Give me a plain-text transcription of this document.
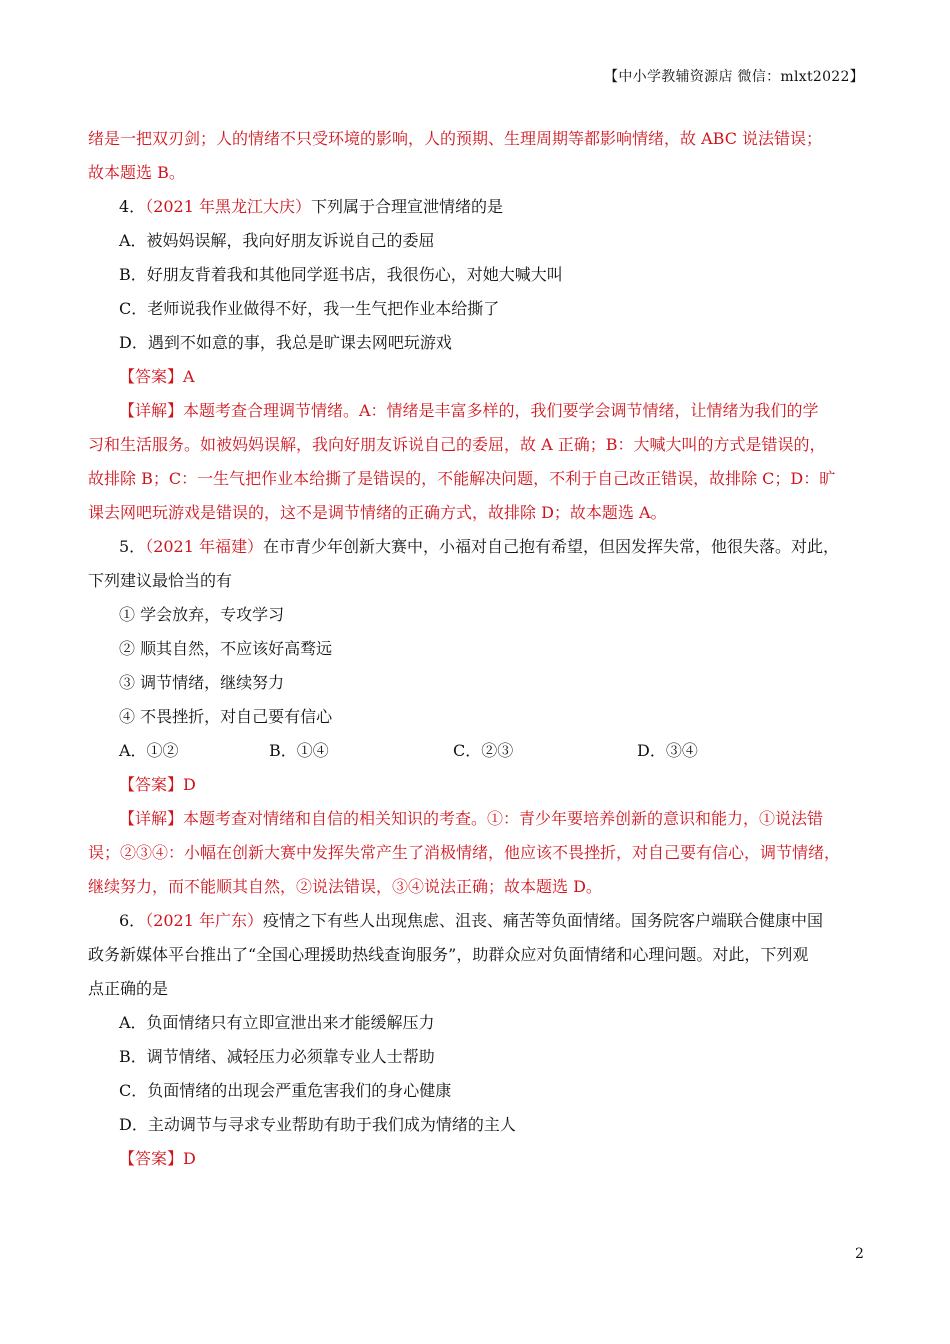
【中小学教辅资源店 微信：mlxt2022】

绪是一把双刃剑；人的情绪不只受环境的影响，人的预期、生理周期等都影响情绪，故 ABC 说法错误；

故本题选 B。

4．（2021 年黑龙江大庆）下列属于合理宣泄情绪的是

A．被妈妈误解，我向好朋友诉说自己的委屈

B．好朋友背着我和其他同学逛书店，我很伤心，对她大喊大叫

C．老师说我作业做得不好，我一生气把作业本给撕了

D．遇到不如意的事，我总是旷课去网吧玩游戏

【答案】A

【详解】本题考查合理调节情绪。A：情绪是丰富多样的，我们要学会调节情绪，让情绪为我们的学

习和生活服务。如被妈妈误解，我向好朋友诉说自己的委屈，故 A 正确；B：大喊大叫的方式是错误的，

故排除 B；C：一生气把作业本给撕了是错误的，不能解决问题，不利于自己改正错误，故排除 C；D：旷

课去网吧玩游戏是错误的，这不是调节情绪的正确方式，故排除 D；故本题选 A。

5．（2021 年福建）在市青少年创新大赛中，小福对自己抱有希望，但因发挥失常，他很失落。对此，

下列建议最恰当的有

① 学会放弃，专攻学习

② 顺其自然，不应该好高骛远

③ 调节情绪，继续努力

④ 不畏挫折，对自己要有信心

A．①②	B．①④	C．②③	D．③④

【答案】D

【详解】本题考查对情绪和自信的相关知识的考查。①：青少年要培养创新的意识和能力，①说法错

误；②③④：小幅在创新大赛中发挥失常产生了消极情绪，他应该不畏挫折，对自己要有信心，调节情绪，

继续努力，而不能顺其自然，②说法错误，③④说法正确；故本题选 D。

6．（2021 年广东）疫情之下有些人出现焦虑、沮丧、痛苦等负面情绪。国务院客户端联合健康中国

政务新媒体平台推出了“全国心理援助热线查询服务”，助群众应对负面情绪和心理问题。对此，下列观

点正确的是

A．负面情绪只有立即宣泄出来才能缓解压力

B．调节情绪、减轻压力必须靠专业人士帮助

C．负面情绪的出现会严重危害我们的身心健康

D．主动调节与寻求专业帮助有助于我们成为情绪的主人

【答案】D

2
